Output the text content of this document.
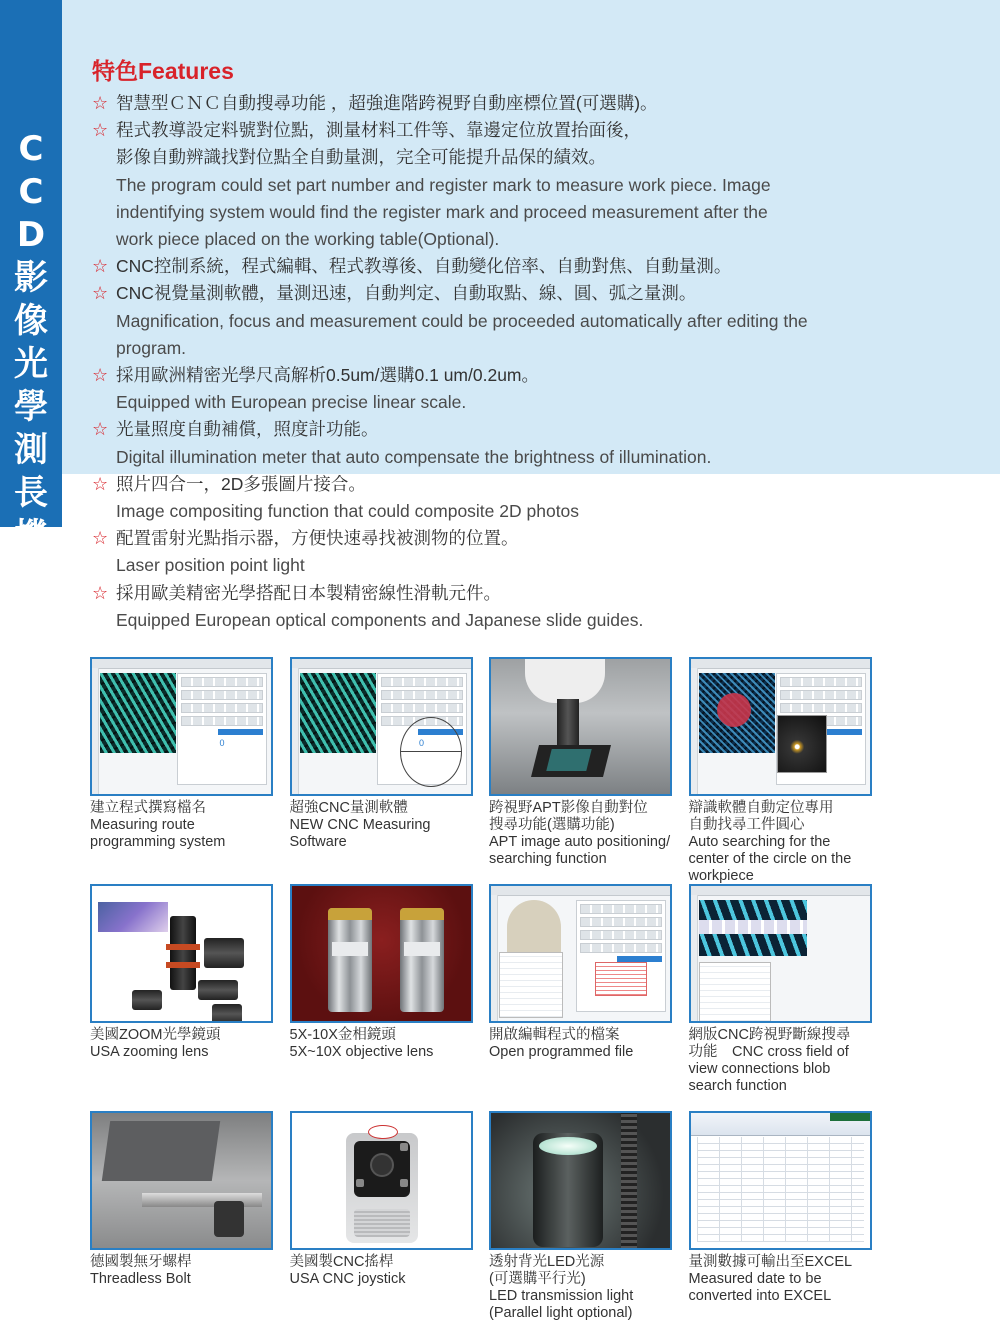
C
C
D
影
像
光
學
測
長
機
特色Features
☆ 智慧型ＣＮＣ自動搜尋功能 ，超強進階跨視野自動座標位置(可選購)。
☆ 程式教導設定料號對位點，測量材料工件等、靠邊定位放置抬面後，
影像自動辨識找對位點全自動量測，完全可能提升品保的績效。
The program could set part number and register mark to measure work piece. Image
indentifying system would find the register mark and proceed measurement after the
work piece placed on the working table(Optional).
☆ CNC控制系統，程式編輯、程式教導後、自動變化倍率、自動對焦、自動量測。
☆ CNC視覺量測軟體，量測迅速，自動判定、自動取點、線、圓、弧之量測。
Magnification, focus and measurement could be proceeded automatically after editing the
program.
☆ 採用歐洲精密光學尺高解析0.5um/選購0.1 um/0.2um。
Equipped with European precise linear scale.
☆ 光量照度自動補償，照度計功能。
Digital illumination meter that auto compensate the brightness of illumination.
☆ 照片四合一，2D多張圖片接合。
Image compositing function that could composite 2D photos
☆ 配置雷射光點指示器，方便快速尋找被測物的位置。
Laser position point light
☆ 採用歐美精密光學搭配日本製精密線性滑軌元件。
Equipped European optical components and Japanese slide guides.
0
建立程式撰寫檔名
Measuring route
programming system
0
超強CNC量測軟體
NEW CNC Measuring
Software
跨視野APT影像自動對位
搜尋功能(選購功能)
APT image auto positioning/
searching function
辯識軟體自動定位專用
自動找尋工件圓心
Auto searching for the
center of the circle on the
workpiece
美國ZOOM光學鏡頭
USA zooming lens
5X-10X金相鏡頭
5X~10X objective lens
開啟編輯程式的檔案
Open programmed file
網版CNC跨視野斷線搜尋
功能　CNC cross field of
view connections blob
search function
德國製無牙螺桿
Threadless Bolt
美國製CNC搖桿
USA CNC joystick
透射背光LED光源
(可選購平行光)
LED transmission light
(Parallel light optional)
量測數據可輸出至EXCEL
Measured date to be
converted into EXCEL
